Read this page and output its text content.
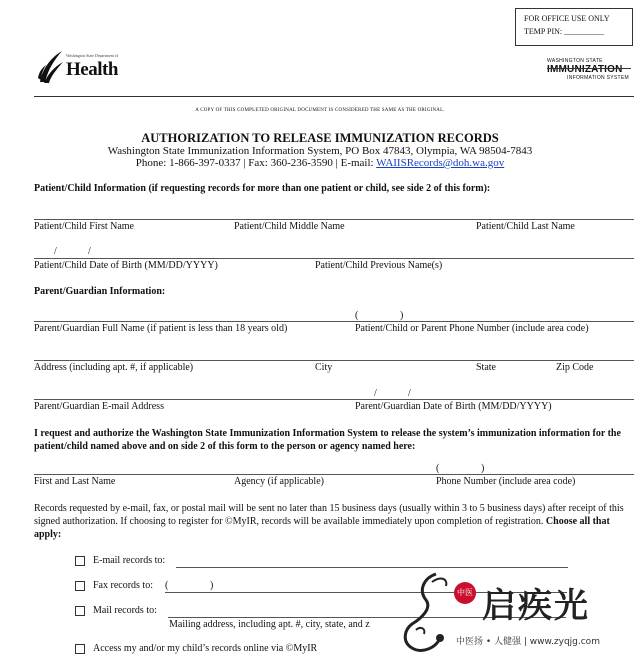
FOR OFFICE USE ONLY
TEMP PIN: __________
Washington State Department of
Health	WASHINGTON STATE
IMMUNIZATION
INFORMATION SYSTEM
A COPY OF THIS COMPLETED ORIGINAL DOCUMENT IS CONSIDERED THE SAME AS THE ORIGINAL.
AUTHORIZATION TO RELEASE IMMUNIZATION RECORDS
Washington State Immunization Information System, PO Box 47843, Olympia, WA 98504-7843
Phone: 1-866-397-0337 | Fax: 360-236-3590 | E-mail: WAIISRecords@doh.wa.gov
Patient/Child Information (if requesting records for more than one patient or child, see side 2 of this form):
Patient/Child First Name	Patient/Child Middle Name	Patient/Child Last Name
/	/
Patient/Child Date of Birth (MM/DD/YYYY)	Patient/Child Previous Name(s)
Parent/Guardian Information:
(	)
Parent/Guardian Full Name (if patient is less than 18 years old)	Patient/Child or Parent Phone Number (include area code)
Address (including apt. #, if applicable)	City	State	Zip Code
/	/
Parent/Guardian E-mail Address	Parent/Guardian Date of Birth (MM/DD/YYYY)
I request and authorize the Washington State Immunization Information System to release the system’s immunization information for the patient/child named above and on side 2 of this form to the person or agency named here:
(	)
First and Last Name	Agency (if applicable)	Phone Number (include area code)
Records requested by e-mail, fax, or postal mail will be sent no later than 15 business days (usually within 3 to 5 business days) after receipt of this signed authorization. If choosing to register for ©MyIR, records will be available immediately upon completion of registration. Choose all that apply:
E-mail records to:
Fax records to: (	)
Mail records to:
Mailing address, including apt. #, city, state, and z
Access my and/or my child’s records online via ©MyIR
中医 启疾光
中医扬 • 人健强 | www.zyqjg.com
